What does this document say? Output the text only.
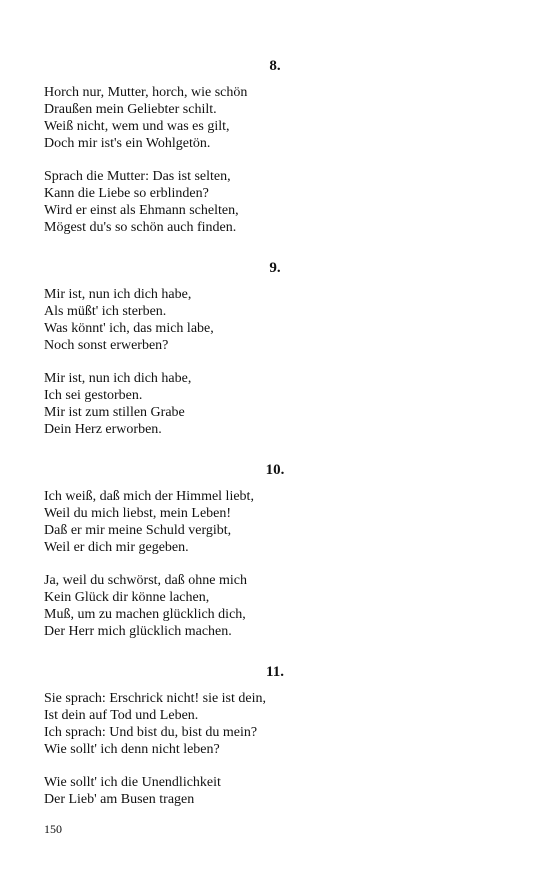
8.
Horch nur, Mutter, horch, wie schön
Draußen mein Geliebter schilt.
Weiß nicht, wem und was es gilt,
Doch mir ist's ein Wohlgetön.
Sprach die Mutter: Das ist selten,
Kann die Liebe so erblinden?
Wird er einst als Ehmann schelten,
Mögest du's so schön auch finden.
9.
Mir ist, nun ich dich habe,
Als müßt' ich sterben.
Was könnt' ich, das mich labe,
Noch sonst erwerben?
Mir ist, nun ich dich habe,
Ich sei gestorben.
Mir ist zum stillen Grabe
Dein Herz erworben.
10.
Ich weiß, daß mich der Himmel liebt,
Weil du mich liebst, mein Leben!
Daß er mir meine Schuld vergibt,
Weil er dich mir gegeben.
Ja, weil du schwörst, daß ohne mich
Kein Glück dir könne lachen,
Muß, um zu machen glücklich dich,
Der Herr mich glücklich machen.
11.
Sie sprach: Erschrick nicht! sie ist dein,
Ist dein auf Tod und Leben.
Ich sprach: Und bist du, bist du mein?
Wie sollt' ich denn nicht leben?
Wie sollt' ich die Unendlichkeit
Der Lieb' am Busen tragen
150
